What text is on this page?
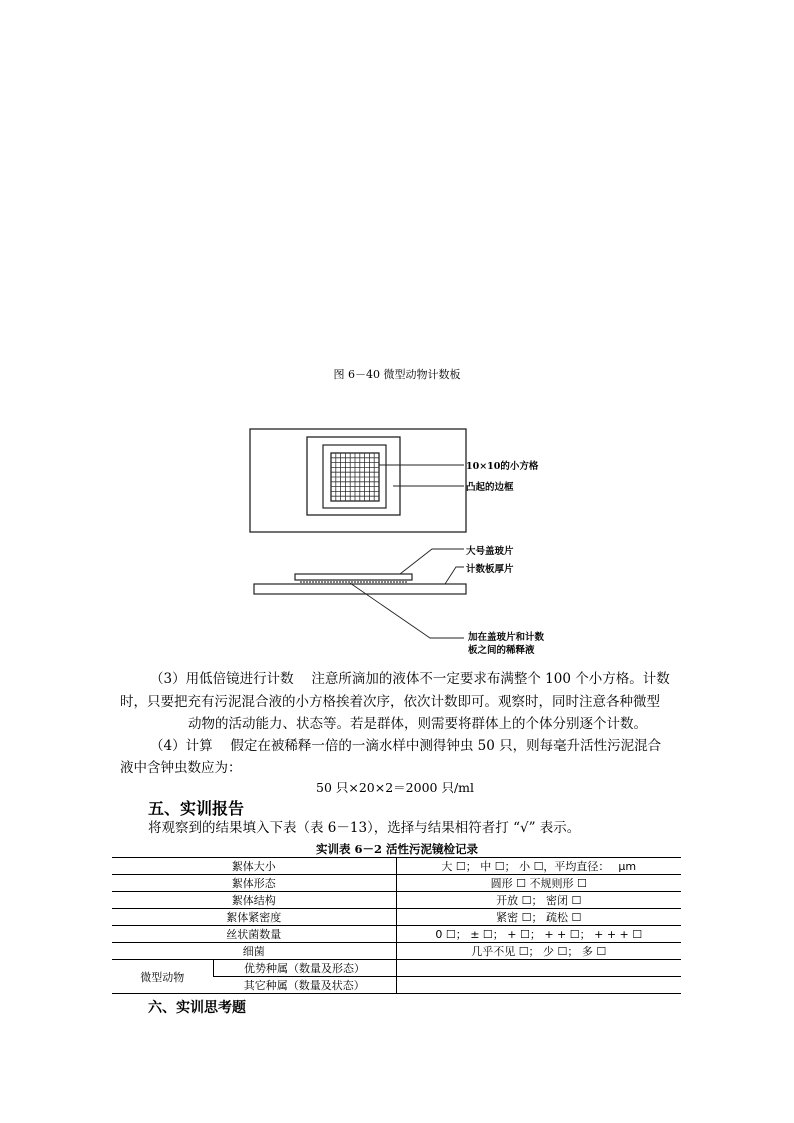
图 6－40 微型动物计数板
10×10的小方格
凸起的边框
大号盖玻片
计数板厚片
加在盖玻片和计数
板之间的稀释液
（3）用低倍镜进行计数　 注意所滴加的液体不一定要求布满整个 100 个小方格。计数
时，只要把充有污泥混合液的小方格挨着次序，依次计数即可。观察时，同时注意各种微型
动物的活动能力、状态等。若是群体，则需要将群体上的个体分别逐个计数。
（4）计算　 假定在被稀释一倍的一滴水样中测得钟虫 50 只，则每毫升活性污泥混合
液中含钟虫数应为：
50 只×20×2＝2000 只/ml
五、实训报告
将观察到的结果填入下表（表 6－13），选择与结果相符者打 “√” 表示。
实训表 6－2 活性污泥镜检记录
絮体大小		大 ☐； 中 ☐； 小 ☐，平均直径：　 μm
絮体形态		圆形 ☐ 不规则形 ☐
絮体结构		开放 ☐； 密闭 ☐
絮体紧密度		紧密 ☐； 疏松 ☐
丝状菌数量		0 ☐； ± ☐； + ☐； + + ☐； + + + ☐
细菌		几乎不见 ☐； 少 ☐； 多 ☐
微型动物	优势种属（数量及形态）	
	其它种属（数量及状态）	
六、实训思考题
